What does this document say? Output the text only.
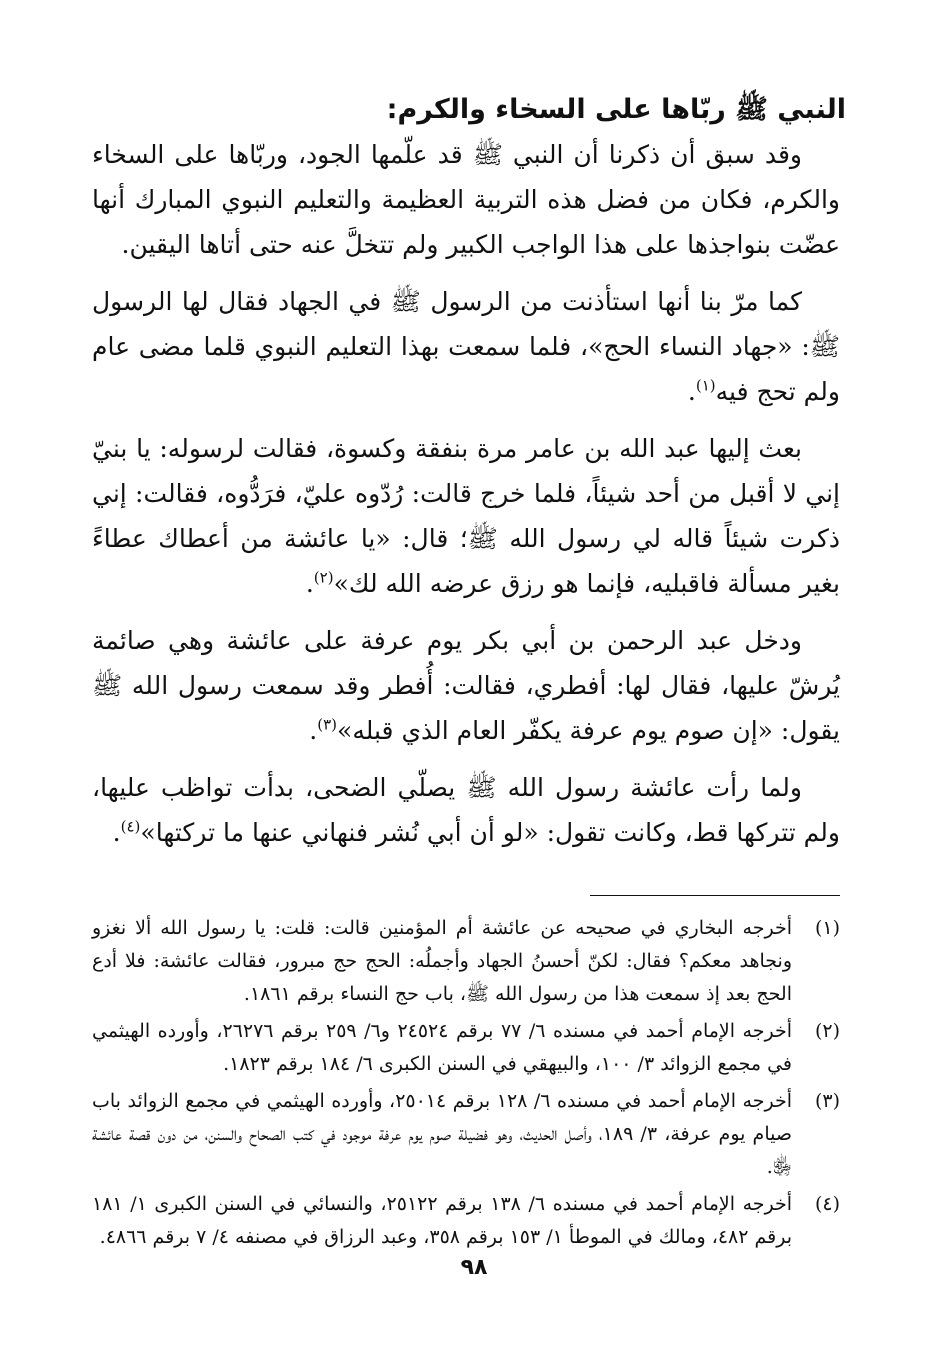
النبي ﷺ ربّاها على السخاء والكرم:

وقد سبق أن ذكرنا أن النبي ﷺ قد علّمها الجود، وربّاها على السخاء والكرم، فكان من فضل هذه التربية العظيمة والتعليم النبوي المبارك أنها عضّت بنواجذها على هذا الواجب الكبير ولم تتخلَّ عنه حتى أتاها اليقين.

كما مرّ بنا أنها استأذنت من الرسول ﷺ في الجهاد فقال لها الرسول ﷺ: «جهاد النساء الحج»، فلما سمعت بهذا التعليم النبوي قلما مضى عام ولم تحج فيه$^{(١)}$.

بعث إليها عبد الله بن عامر مرة بنفقة وكسوة، فقالت لرسوله: يا بنيّ إني لا أقبل من أحد شيئاً، فلما خرج قالت: رُدّوه عليّ، فرَدُّوه، فقالت: إني ذكرت شيئاً قاله لي رسول الله ﷺ؛ قال: «يا عائشة من أعطاك عطاءً بغير مسألة فاقبليه، فإنما هو رزق عرضه الله لك»$^{(٢)}$.

ودخل عبد الرحمن بن أبي بكر يوم عرفة على عائشة وهي صائمة يُرشّ عليها، فقال لها: أفطري، فقالت: أُفطر وقد سمعت رسول الله ﷺ يقول: «إن صوم يوم عرفة يكفّر العام الذي قبله»$^{(٣)}$.

ولما رأت عائشة رسول الله ﷺ يصلّي الضحى، بدأت تواظب عليها، ولم تتركها قط، وكانت تقول: «لو أن أبي نُشر فنهاني عنها ما تركتها»$^{(٤)}$.

(١)
أخرجه البخاري في صحيحه عن عائشة أم المؤمنين قالت: قلت: يا رسول الله ألا نغزو ونجاهد معكم؟ فقال: لكنّ أحسنُ الجهاد وأجملُه: الحج حج مبرور، فقالت عائشة: فلا أدع الحج بعد إذ سمعت هذا من رسول الله ﷺ، باب حج النساء برقم ١٨٦١.
(٢)
أخرجه الإمام أحمد في مسنده ٦/ ٧٧ برقم ٢٤٥٢٤ و٦/ ٢٥٩ برقم ٢٦٢٧٦، وأورده الهيثمي في مجمع الزوائد ٣/ ١٠٠، والبيهقي في السنن الكبرى ٦/ ١٨٤ برقم ١٨٢٣.
(٣)
أخرجه الإمام أحمد في مسنده ٦/ ١٢٨ برقم ٢٥٠١٤، وأورده الهيثمي في مجمع الزوائد باب صيام يوم عرفة، ٣/ ١٨٩، وأصل الحديث، وهو فضيلة صوم يوم عرفة موجود في كتب الصحاح والسنن، من دون قصة عائشة ﵂.
(٤)
أخرجه الإمام أحمد في مسنده ٦/ ١٣٨ برقم ٢٥١٢٢، والنسائي في السنن الكبرى ١/ ١٨١ برقم ٤٨٢، ومالك في الموطأ ١/ ١٥٣ برقم ٣٥٨، وعبد الرزاق في مصنفه ٤/ ٧ برقم ٤٨٦٦.
٩٨
